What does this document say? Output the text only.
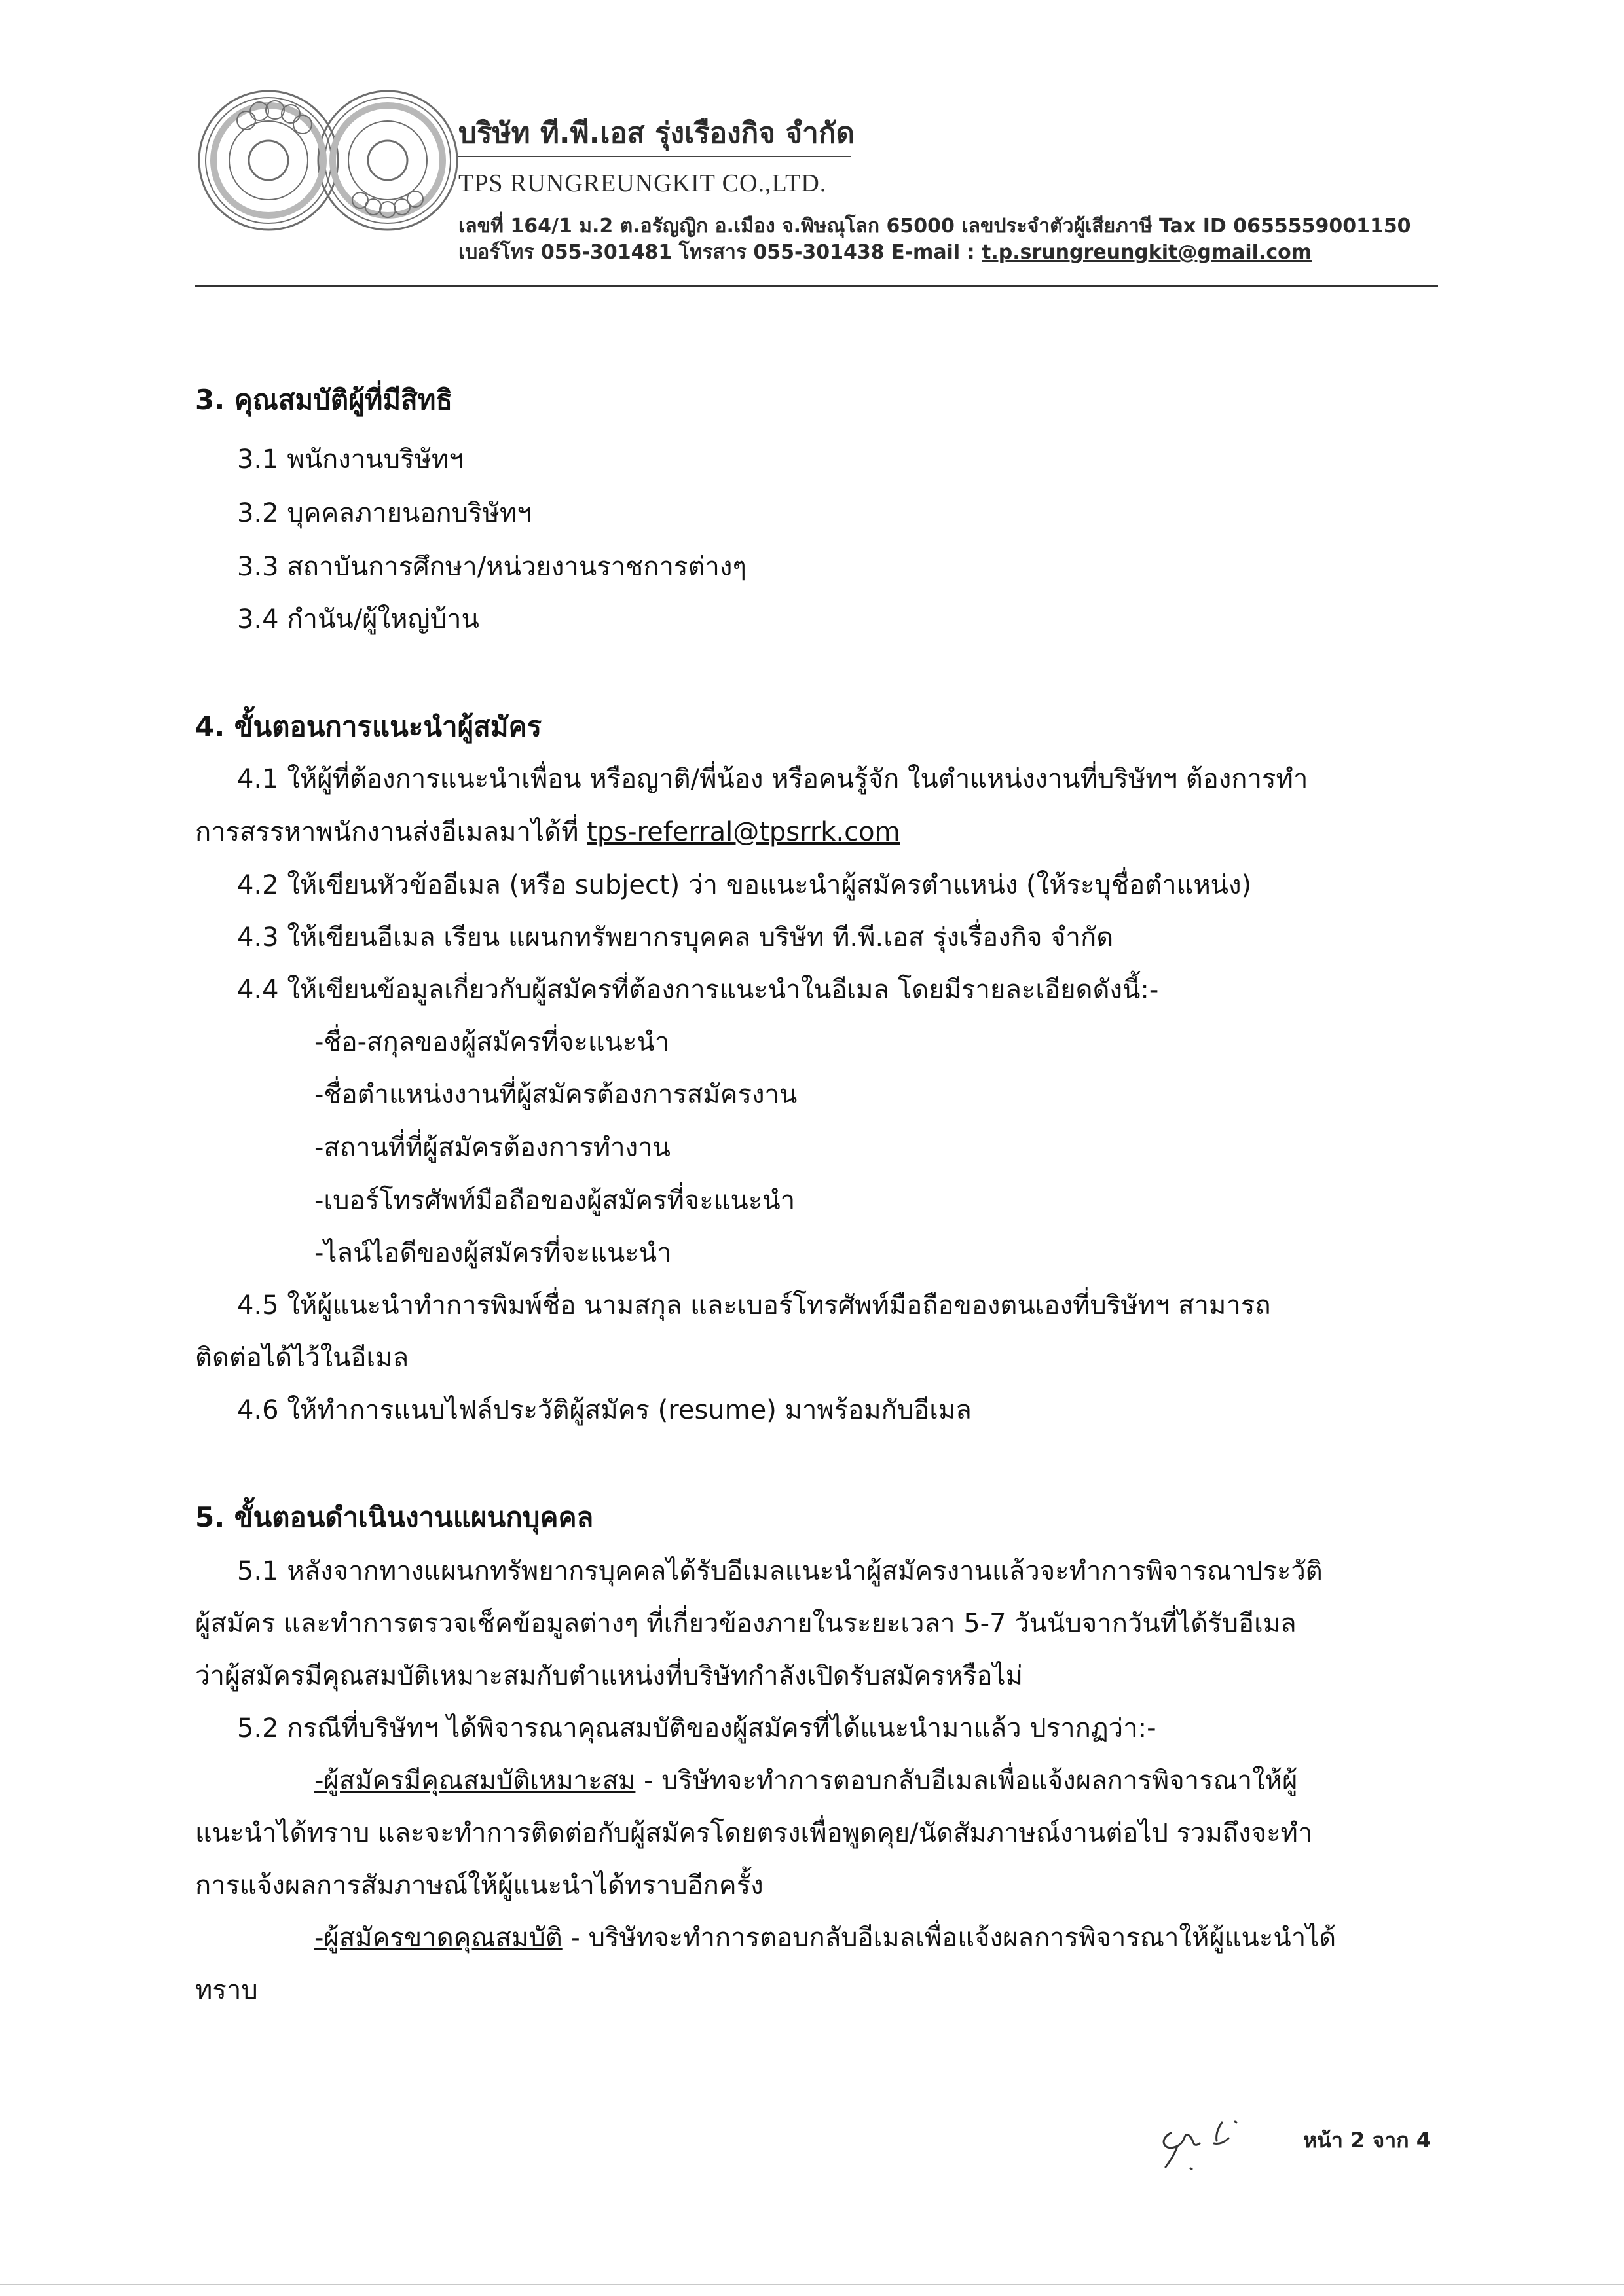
บริษัท ที.พี.เอส รุ่งเรืองกิจ จำกัด
TPS RUNGREUNGKIT CO.,LTD.
เลขที่ 164/1 ม.2 ต.อรัญญิก อ.เมือง จ.พิษณุโลก 65000 เลขประจำตัวผู้เสียภาษี Tax ID 0655559001150
เบอร์โทร 055-301481 โทรสาร 055-301438 E-mail : t.p.srungreungkit@gmail.com
3. คุณสมบัติผู้ที่มีสิทธิ
3.1 พนักงานบริษัทฯ
3.2 บุคคลภายนอกบริษัทฯ
3.3 สถาบันการศึกษา/หน่วยงานราชการต่างๆ
3.4 กำนัน/ผู้ใหญ่บ้าน
4. ขั้นตอนการแนะนำผู้สมัคร
4.1 ให้ผู้ที่ต้องการแนะนำเพื่อน หรือญาติ/พี่น้อง หรือคนรู้จัก ในตำแหน่งงานที่บริษัทฯ ต้องการทำ
การสรรหาพนักงานส่งอีเมลมาได้ที่ tps-referral@tpsrrk.com
4.2 ให้เขียนหัวข้ออีเมล (หรือ subject) ว่า ขอแนะนำผู้สมัครตำแหน่ง (ให้ระบุชื่อตำแหน่ง)
4.3 ให้เขียนอีเมล เรียน แผนกทรัพยากรบุคคล บริษัท ที.พี.เอส รุ่งเรื่องกิจ จำกัด
4.4 ให้เขียนข้อมูลเกี่ยวกับผู้สมัครที่ต้องการแนะนำในอีเมล โดยมีรายละเอียดดังนี้:-
-ชื่อ-สกุลของผู้สมัครที่จะแนะนำ
-ชื่อตำแหน่งงานที่ผู้สมัครต้องการสมัครงาน
-สถานที่ที่ผู้สมัครต้องการทำงาน
-เบอร์โทรศัพท์มือถือของผู้สมัครที่จะแนะนำ
-ไลน์ไอดีของผู้สมัครที่จะแนะนำ
4.5 ให้ผู้แนะนำทำการพิมพ์ชื่อ นามสกุล และเบอร์โทรศัพท์มือถือของตนเองที่บริษัทฯ สามารถ
ติดต่อได้ไว้ในอีเมล
4.6 ให้ทำการแนบไฟล์ประวัติผู้สมัคร (resume) มาพร้อมกับอีเมล
5. ขั้นตอนดำเนินงานแผนกบุคคล
5.1 หลังจากทางแผนกทรัพยากรบุคคลได้รับอีเมลแนะนำผู้สมัครงานแล้วจะทำการพิจารณาประวัติ
ผู้สมัคร และทำการตรวจเช็คข้อมูลต่างๆ ที่เกี่ยวข้องภายในระยะเวลา 5-7 วันนับจากวันที่ได้รับอีเมล
ว่าผู้สมัครมีคุณสมบัติเหมาะสมกับตำแหน่งที่บริษัทกำลังเปิดรับสมัครหรือไม่
5.2 กรณีที่บริษัทฯ ได้พิจารณาคุณสมบัติของผู้สมัครที่ได้แนะนำมาแล้ว ปรากฏว่า:-
-ผู้สมัครมีคุณสมบัติเหมาะสม - บริษัทจะทำการตอบกลับอีเมลเพื่อแจ้งผลการพิจารณาให้ผู้
แนะนำได้ทราบ และจะทำการติดต่อกับผู้สมัครโดยตรงเพื่อพูดคุย/นัดสัมภาษณ์งานต่อไป รวมถึงจะทำ
การแจ้งผลการสัมภาษณ์ให้ผู้แนะนำได้ทราบอีกครั้ง
-ผู้สมัครขาดคุณสมบัติ - บริษัทจะทำการตอบกลับอีเมลเพื่อแจ้งผลการพิจารณาให้ผู้แนะนำได้
ทราบ
หน้า 2 จาก 4
